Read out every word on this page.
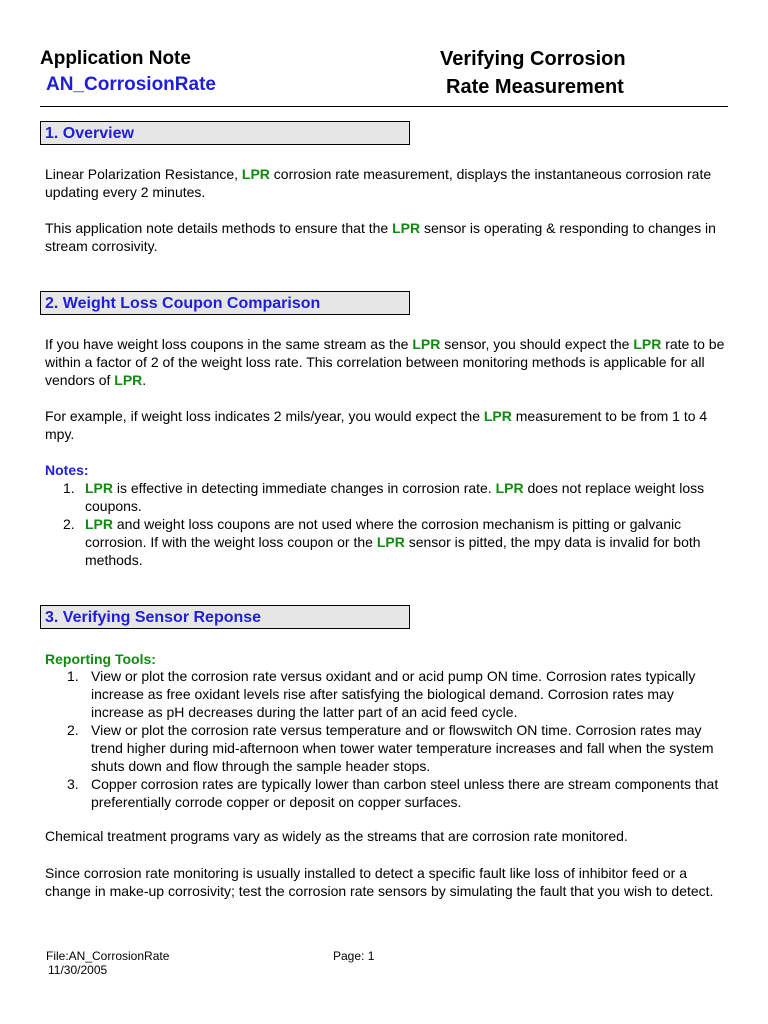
Application Note
AN_CorrosionRate
Verifying Corrosion
Rate Measurement
1. Overview
Linear Polarization Resistance, LPR corrosion rate measurement, displays the instantaneous corrosion rate updating every 2 minutes.
This application note details methods to ensure that the LPR sensor is operating & responding to changes in stream corrosivity.
2. Weight Loss Coupon Comparison
If you have weight loss coupons in the same stream as the LPR sensor, you should expect the LPR rate to be within a factor of 2 of the weight loss rate. This correlation between monitoring methods is applicable for all vendors of LPR.
For example, if weight loss indicates 2 mils/year, you would expect the LPR measurement to be from 1 to 4 mpy.
Notes:
1. LPR is effective in detecting immediate changes in corrosion rate. LPR does not replace weight loss coupons.
2. LPR and weight loss coupons are not used where the corrosion mechanism is pitting or galvanic corrosion. If with the weight loss coupon or the LPR sensor is pitted, the mpy data is invalid for both methods.
3. Verifying Sensor Reponse
Reporting Tools:
1. View or plot the corrosion rate versus oxidant and or acid pump ON time. Corrosion rates typically increase as free oxidant levels rise after satisfying the biological demand. Corrosion rates may increase as pH decreases during the latter part of an acid feed cycle.
2. View or plot the corrosion rate versus temperature and or flowswitch ON time. Corrosion rates may trend higher during mid-afternoon when tower water temperature increases and fall when the system shuts down and flow through the sample header stops.
3. Copper corrosion rates are typically lower than carbon steel unless there are stream components that preferentially corrode copper or deposit on copper surfaces.
Chemical treatment programs vary as widely as the streams that are corrosion rate monitored.
Since corrosion rate monitoring is usually installed to detect a specific fault like loss of inhibitor feed or a change in make-up corrosivity; test the corrosion rate sensors by simulating the fault that you wish to detect.
File:AN_CorrosionRate
11/30/2005
Page: 1
